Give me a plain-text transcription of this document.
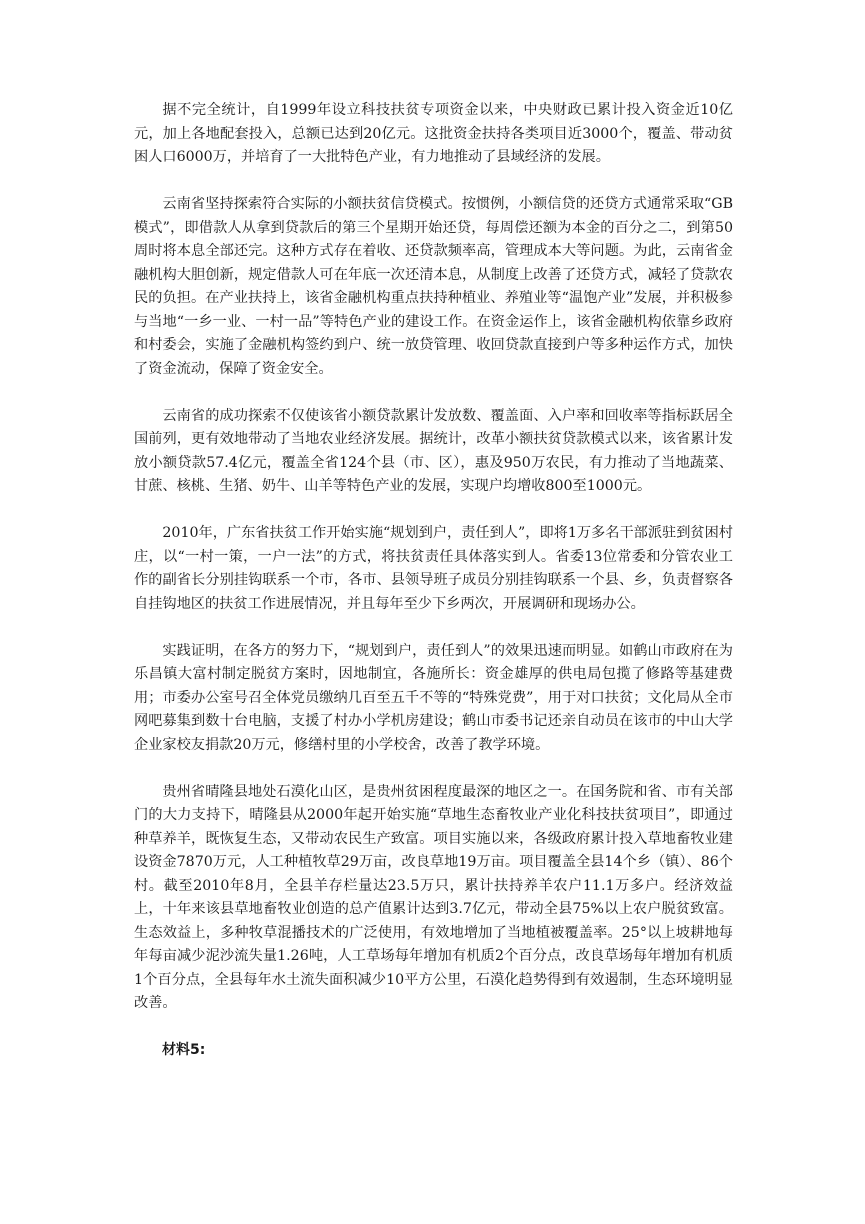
据不完全统计，自1999年设立科技扶贫专项资金以来，中央财政已累计投入资金近10亿元，加上各地配套投入，总额已达到20亿元。这批资金扶持各类项目近3000个，覆盖、带动贫困人口6000万，并培育了一大批特色产业，有力地推动了县域经济的发展。

云南省坚持探索符合实际的小额扶贫信贷模式。按惯例，小额信贷的还贷方式通常采取“GB模式”，即借款人从拿到贷款后的第三个星期开始还贷，每周偿还额为本金的百分之二，到第50周时将本息全部还完。这种方式存在着收、还贷款频率高，管理成本大等问题。为此，云南省金融机构大胆创新，规定借款人可在年底一次还清本息，从制度上改善了还贷方式，减轻了贷款农民的负担。在产业扶持上，该省金融机构重点扶持种植业、养殖业等“温饱产业”发展，并积极参与当地“一乡一业、一村一品”等特色产业的建设工作。在资金运作上，该省金融机构依靠乡政府和村委会，实施了金融机构签约到户、统一放贷管理、收回贷款直接到户等多种运作方式，加快了资金流动，保障了资金安全。

云南省的成功探索不仅使该省小额贷款累计发放数、覆盖面、入户率和回收率等指标跃居全国前列，更有效地带动了当地农业经济发展。据统计，改革小额扶贫贷款模式以来，该省累计发放小额贷款57.4亿元，覆盖全省124个县（市、区），惠及950万农民，有力推动了当地蔬菜、甘蔗、核桃、生猪、奶牛、山羊等特色产业的发展，实现户均增收800至1000元。

2010年，广东省扶贫工作开始实施“规划到户，责任到人”，即将1万多名干部派驻到贫困村庄，以“一村一策，一户一法”的方式，将扶贫责任具体落实到人。省委13位常委和分管农业工作的副省长分别挂钩联系一个市，各市、县领导班子成员分别挂钩联系一个县、乡，负责督察各自挂钩地区的扶贫工作进展情况，并且每年至少下乡两次，开展调研和现场办公。

实践证明，在各方的努力下，“规划到户，责任到人”的效果迅速而明显。如鹤山市政府在为乐昌镇大富村制定脱贫方案时，因地制宜，各施所长：资金雄厚的供电局包揽了修路等基建费用；市委办公室号召全体党员缴纳几百至五千不等的“特殊党费”，用于对口扶贫；文化局从全市网吧募集到数十台电脑，支援了村办小学机房建设；鹤山市委书记还亲自动员在该市的中山大学企业家校友捐款20万元，修缮村里的小学校舍，改善了教学环境。

贵州省晴隆县地处石漠化山区，是贵州贫困程度最深的地区之一。在国务院和省、市有关部门的大力支持下，晴隆县从2000年起开始实施“草地生态畜牧业产业化科技扶贫项目”，即通过种草养羊，既恢复生态，又带动农民生产致富。项目实施以来，各级政府累计投入草地畜牧业建设资金7870万元，人工种植牧草29万亩，改良草地19万亩。项目覆盖全县14个乡（镇）、86个村。截至2010年8月，全县羊存栏量达23.5万只，累计扶持养羊农户11.1万多户。经济效益上，十年来该县草地畜牧业创造的总产值累计达到3.7亿元，带动全县75%以上农户脱贫致富。生态效益上，多种牧草混播技术的广泛使用，有效地增加了当地植被覆盖率。25°以上坡耕地每年每亩减少泥沙流失量1.26吨，人工草场每年增加有机质2个百分点，改良草场每年增加有机质1个百分点，全县每年水土流失面积减少10平方公里，石漠化趋势得到有效遏制，生态环境明显改善。

材料5:
